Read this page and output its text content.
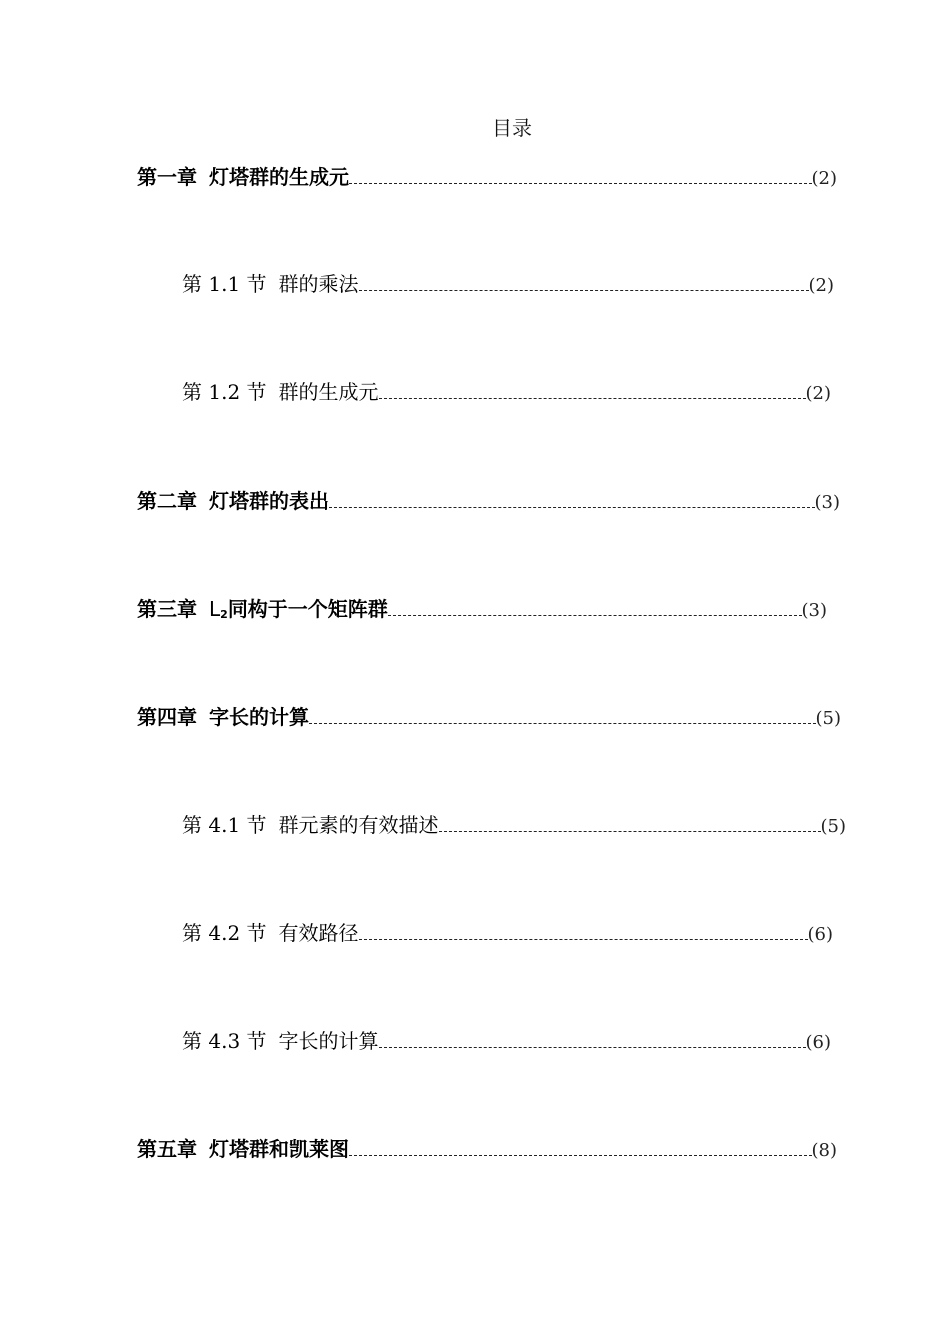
目录
第一章 灯塔群的生成元	(2)
第 1.1 节 群的乘法	(2)
第 1.2 节 群的生成元	(2)
第二章 灯塔群的表出	(3)
第三章 $L_2$同构于一个矩阵群	(3)
第四章 字长的计算	(5)
第 4.1 节 群元素的有效描述	(5)
第 4.2 节 有效路径	(6)
第 4.3 节 字长的计算	(6)
第五章 灯塔群和凯莱图	(8)
